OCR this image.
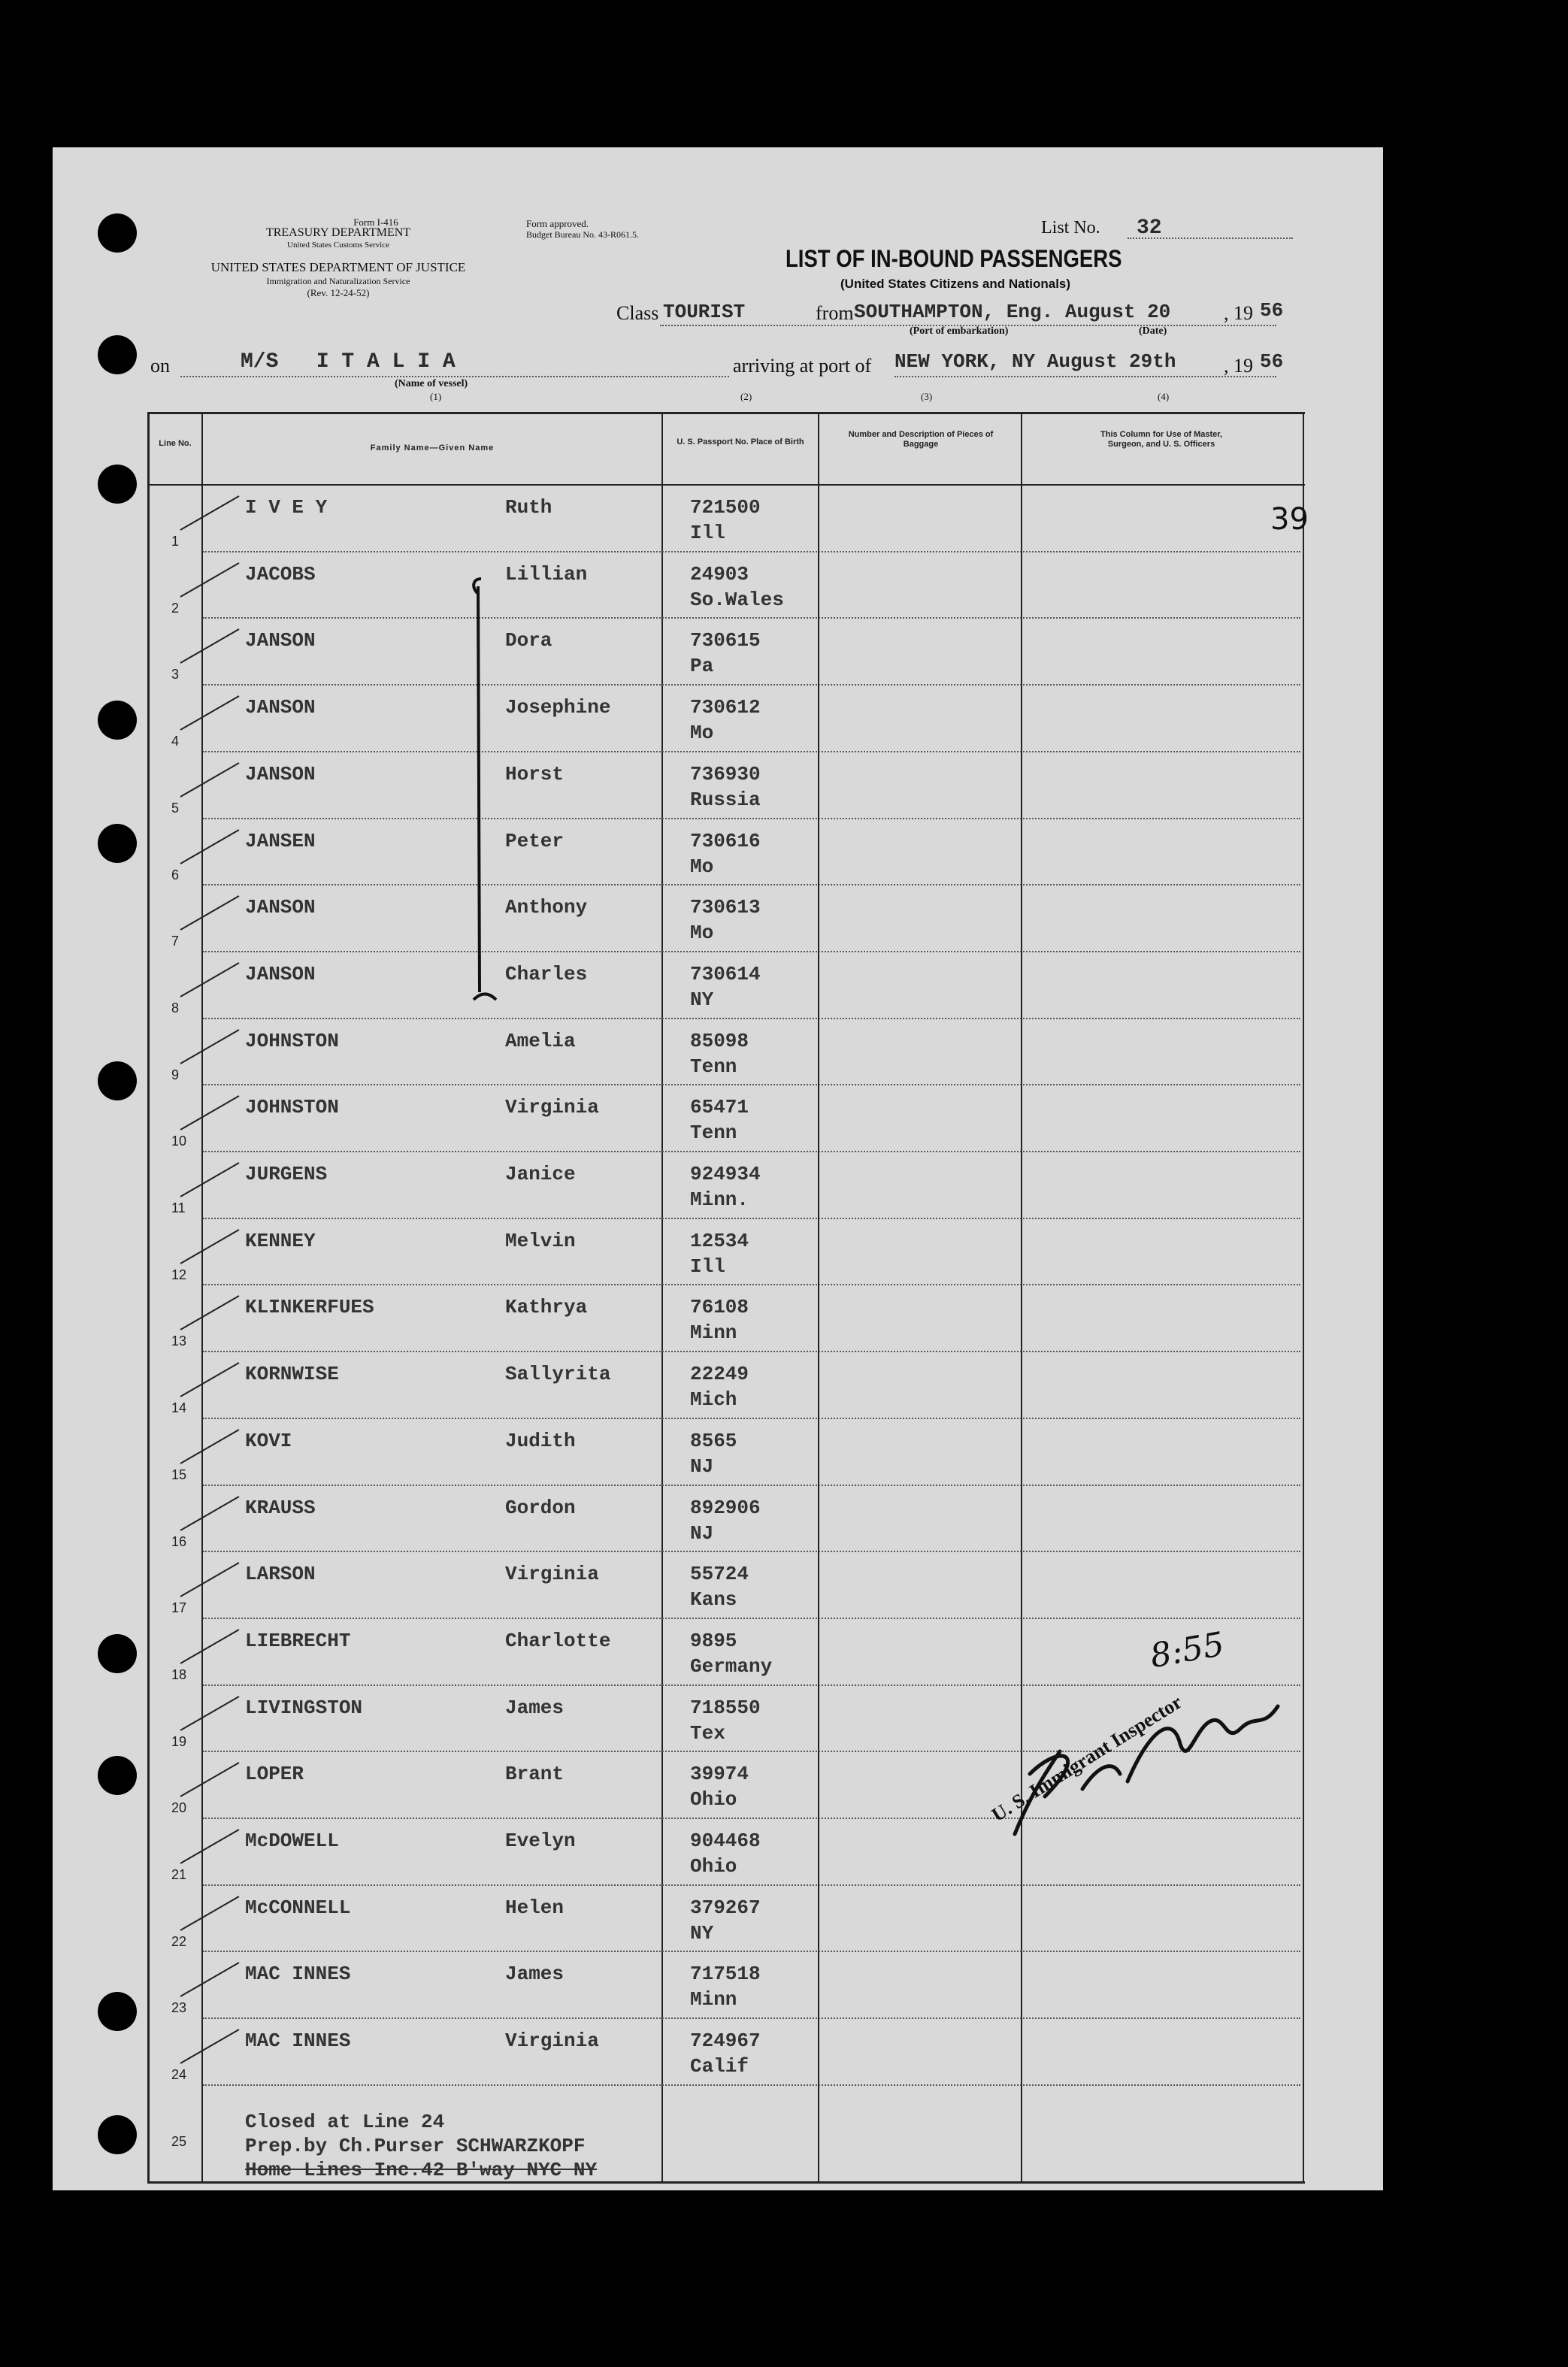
Form I-416
TREASURY DEPARTMENT
United States Customs Service
UNITED STATES DEPARTMENT OF JUSTICE
Immigration and Naturalization Service
(Rev. 12-24-52)
Form approved.
Budget Bureau No. 43-R061.5.	List No. 32
LIST OF IN-BOUND PASSENGERS
(United States Citizens and Nationals)
Class TOURIST	from SOUTHAMPTON, Eng. August 20	, 19 56
(Port of embarkation)	(Date)
on	M/S   I T A L I A
(Name of vessel)
(1)
arriving at port of NEW YORK, NY August 29th , 19 56
(2)	(3)	(4)
Line No.	Family Name—Given Name
U. S. Passport No. Place of Birth
Number and Description of Pieces of Baggage
This Column for Use of Master, Surgeon, and U. S. Officers
1
I V E Y	Ruth	721500
Ill
2
JACOBS	Lillian	24903
So.Wales
3
JANSON	Dora	730615
Pa
4
JANSON	Josephine	730612
Mo
5
JANSON	Horst	736930
Russia
6
JANSEN	Peter	730616
Mo
7
JANSON	Anthony	730613
Mo
8
JANSON	Charles	730614
NY
9
JOHNSTON	Amelia	85098
Tenn
10
JOHNSTON	Virginia	65471
Tenn
11
JURGENS	Janice	924934
Minn.
12
KENNEY	Melvin	12534
Ill
13
KLINKERFUES	Kathrya	76108
Minn
14
KORNWISE	Sallyrita	22249
Mich
15
KOVI	Judith	8565
NJ
16
KRAUSS	Gordon	892906
NJ
17
LARSON	Virginia	55724
Kans
18
LIEBRECHT	Charlotte	9895
Germany
19
LIVINGSTON	James	718550
Tex
20
LOPER	Brant	39974
Ohio
21
McDOWELL	Evelyn	904468
Ohio
22
McCONNELL	Helen	379267
NY
23
MAC INNES	James	717518
Minn
24
MAC INNES	Virginia	724967
Calif
25
Closed at Line 24
Prep.by Ch.Purser SCHWARZKOPF
Home Lines Inc.42 B'way NYC NY
39
8:55
U. S. Immigrant Inspector
